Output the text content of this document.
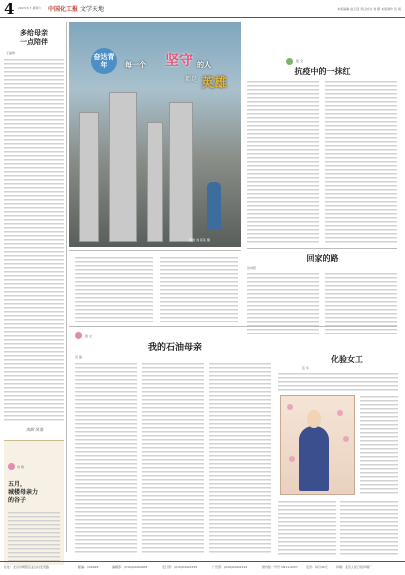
4 2023.5.7 星期六 中国化工报 文学天地	本版编辑 赵玉莲 责任校对 刘 娜 本版制作 张 娟
多给母亲
一点陪伴
王丽珍
南阳 风景
诗 歌
五月，
城楼母亲力
的谷子
奋达青年	每一个 坚守 的人
都是 英雄
题图 刘 某某 摄
散 文
抗疫中的一抹红
回家的路
沈向阳
散 文
我的石油母亲
吴 磊	化验女工
张 华
社址：北京市朝阳区亚运村安苑路	邮编：100029	编辑部：(010)64444005	发行部：(010)64442155	广告部：(010)64442142	国内统一刊号 CN11-0057	定价：每月45元	印刷：北京人民日报印刷厂
